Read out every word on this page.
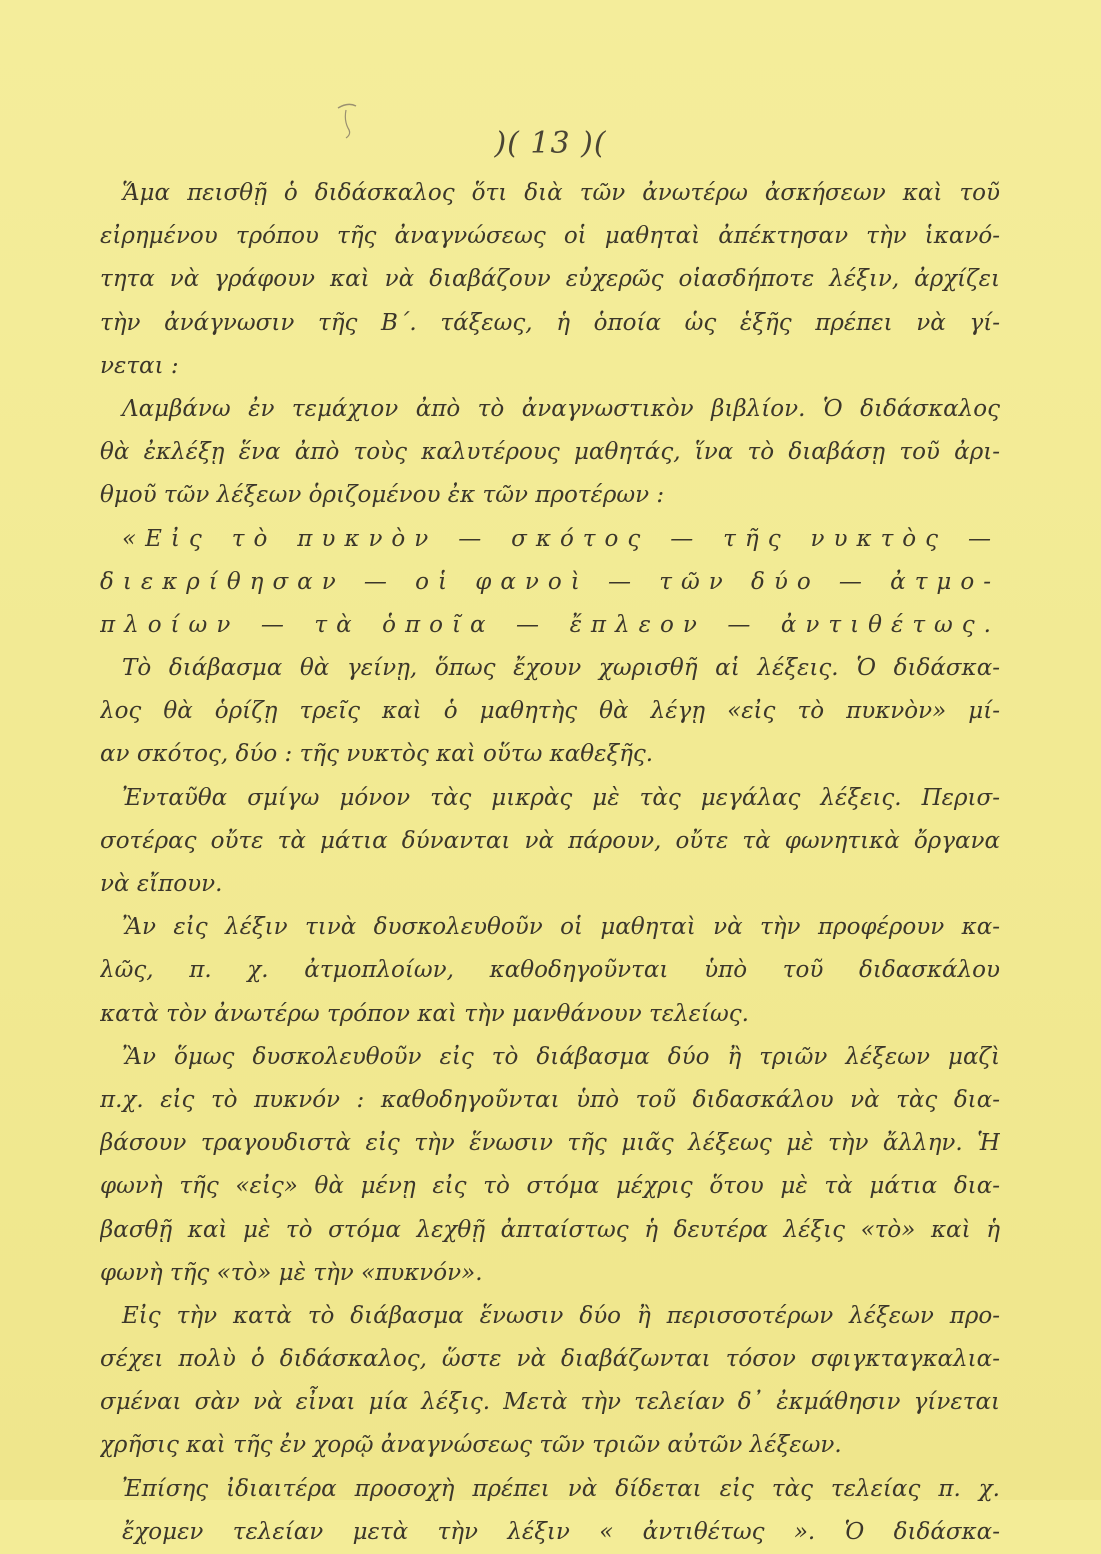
)( 13 )(
Ἅμα πεισθῇ ὁ διδάσκαλος ὅτι διὰ τῶν ἀνωτέρω ἀσκήσεων καὶ τοῦ
εἰρημένου τρόπου τῆς ἀναγνώσεως οἱ μαθηταὶ ἀπέκτησαν τὴν ἱκανό-
τητα νὰ γράφουν καὶ νὰ διαβάζουν εὐχερῶς οἱασδήποτε λέξιν, ἀρχίζει
τὴν ἀνάγνωσιν τῆς Β΄. τάξεως, ἡ ὁποία ὡς ἑξῆς πρέπει νὰ γί-
νεται :
Λαμβάνω ἐν τεμάχιον ἀπὸ τὸ ἀναγνωστικὸν βιβλίον. Ὁ διδάσκαλος
θὰ ἐκλέξῃ ἕνα ἀπὸ τοὺς καλυτέρους μαθητάς, ἵνα τὸ διαβάσῃ τοῦ ἀρι-
θμοῦ τῶν λέξεων ὁριζομένου ἐκ τῶν προτέρων :
«Εἰς τὸ πυκνὸν — σκότος — τῆς νυκτὸς —
διεκρίθησαν — οἱ φανοὶ — τῶν δύο — ἀτμο-
πλοίων — τὰ ὁποῖα — ἔπλεον — ἀντιθέτως.
Τὸ διάβασμα θὰ γείνῃ, ὅπως ἔχουν χωρισθῆ αἱ λέξεις. Ὁ διδάσκα-
λος θὰ ὁρίζῃ τρεῖς καὶ ὁ μαθητὴς θὰ λέγῃ «εἰς τὸ πυκνὸν» μί-
αν σκότος, δύο : τῆς νυκτὸς καὶ οὕτω καθεξῆς.
Ἐνταῦθα σμίγω μόνον τὰς μικρὰς μὲ τὰς μεγάλας λέξεις. Περισ-
σοτέρας οὔτε τὰ μάτια δύνανται νὰ πάρουν, οὔτε τὰ φωνητικὰ ὄργανα
νὰ εἴπουν.
Ἂν εἰς λέξιν τινὰ δυσκολευθοῦν οἱ μαθηταὶ νὰ τὴν προφέρουν κα-
λῶς, π. χ. ἀτμοπλοίων, καθοδηγοῦνται ὑπὸ τοῦ διδασκάλου
κατὰ τὸν ἀνωτέρω τρόπον καὶ τὴν μανθάνουν τελείως.
Ἂν ὅμως δυσκολευθοῦν εἰς τὸ διάβασμα δύο ἢ τριῶν λέξεων μαζὶ
π.χ. εἰς τὸ πυκνόν : καθοδηγοῦνται ὑπὸ τοῦ διδασκάλου νὰ τὰς δια-
βάσουν τραγουδιστὰ εἰς τὴν ἕνωσιν τῆς μιᾶς λέξεως μὲ τὴν ἄλλην. Ἡ
φωνὴ τῆς «εἰς» θὰ μένῃ εἰς τὸ στόμα μέχρις ὅτου μὲ τὰ μάτια δια-
βασθῇ καὶ μὲ τὸ στόμα λεχθῇ ἀπταίστως ἡ δευτέρα λέξις «τὸ» καὶ ἡ
φωνὴ τῆς «τὸ» μὲ τὴν «πυκνόν».
Εἰς τὴν κατὰ τὸ διάβασμα ἕνωσιν δύο ἢ περισσοτέρων λέξεων προ-
σέχει πολὺ ὁ διδάσκαλος, ὥστε νὰ διαβάζωνται τόσον σφιγκταγκαλια-
σμέναι σὰν νὰ εἶναι μία λέξις. Μετὰ τὴν τελείαν δ᾽ ἐκμάθησιν γίνεται
χρῆσις καὶ τῆς ἐν χορῷ ἀναγνώσεως τῶν τριῶν αὐτῶν λέξεων.
Ἐπίσης ἰδιαιτέρα προσοχὴ πρέπει νὰ δίδεται εἰς τὰς τελείας π. χ.
ἔχομεν τελείαν μετὰ τὴν λέξιν « ἀντιθέτως ». Ὁ διδάσκα-
